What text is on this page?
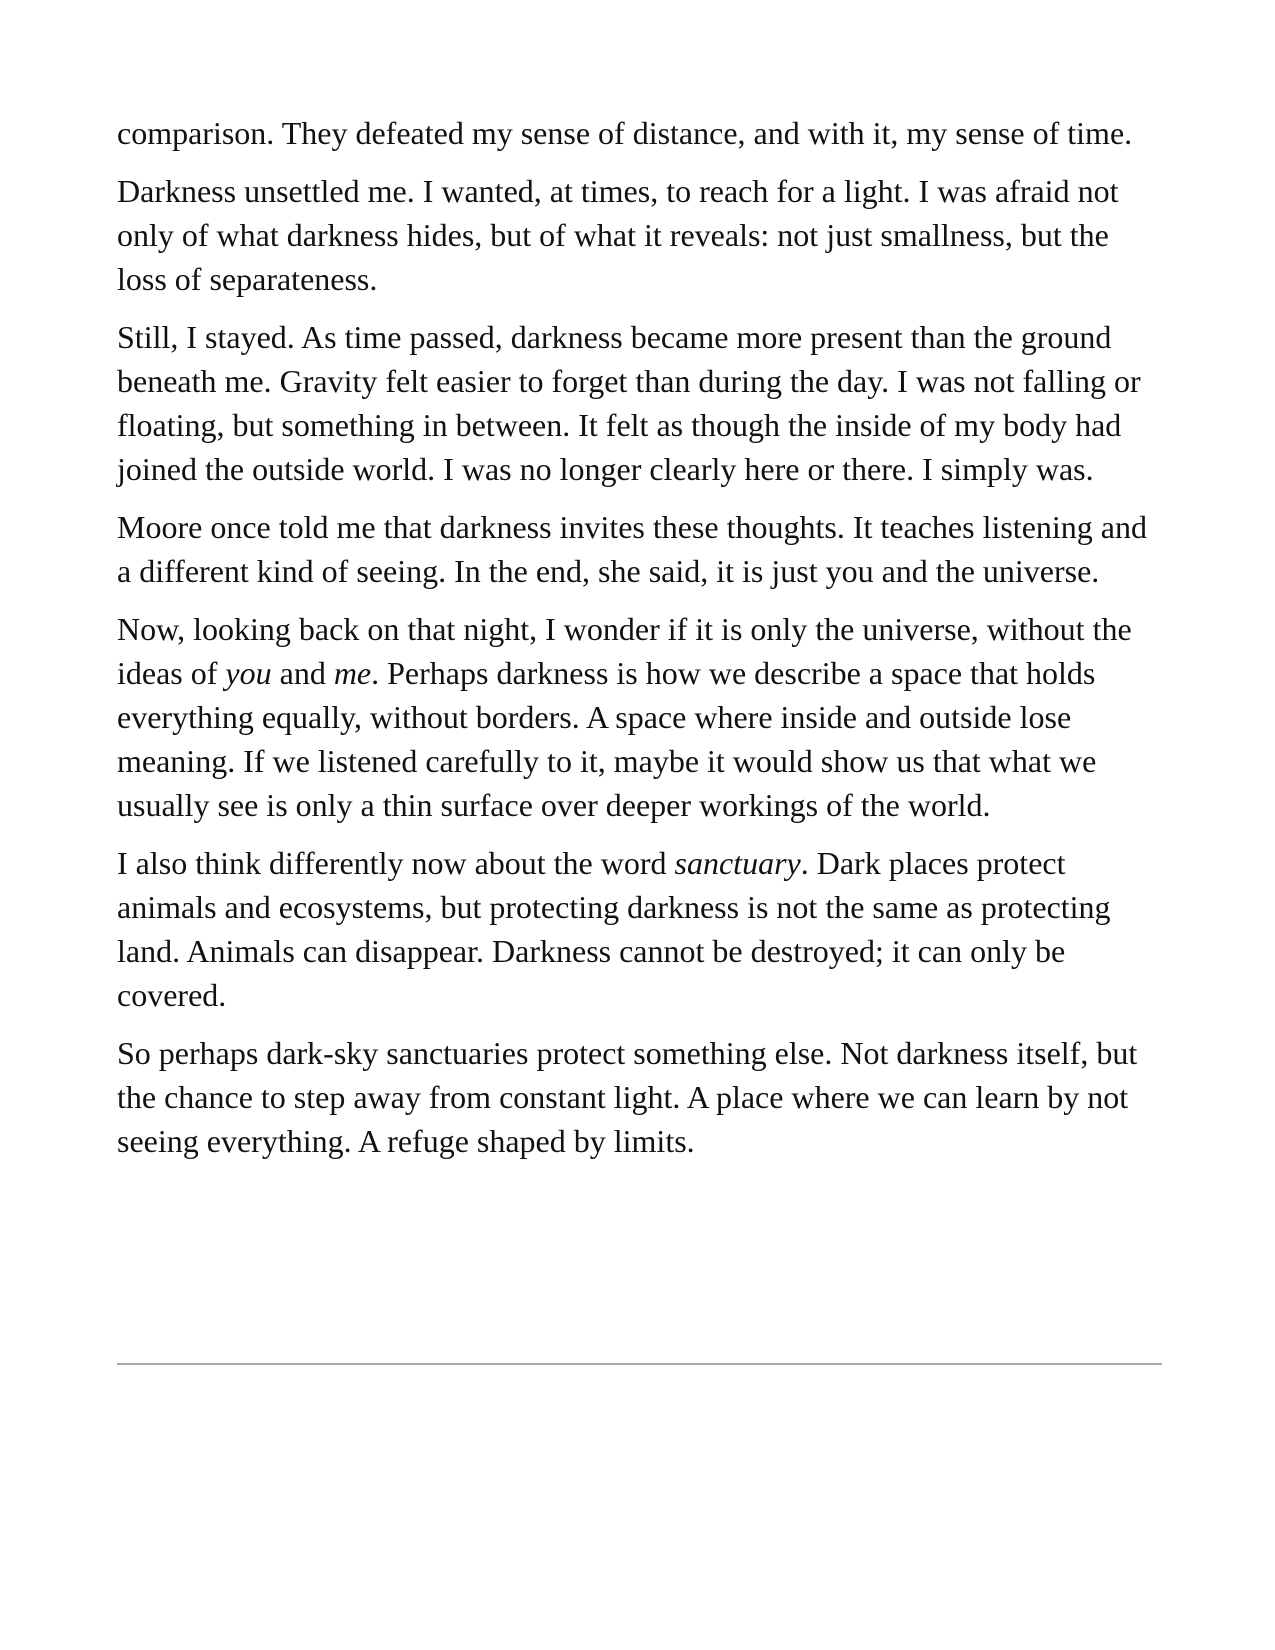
comparison. They defeated my sense of distance, and with it, my sense of time.

Darkness unsettled me. I wanted, at times, to reach for a light. I was afraid not only of what darkness hides, but of what it reveals: not just smallness, but the loss of separateness.

Still, I stayed. As time passed, darkness became more present than the ground beneath me. Gravity felt easier to forget than during the day. I was not falling or floating, but something in between. It felt as though the inside of my body had joined the outside world. I was no longer clearly here or there. I simply was.

Moore once told me that darkness invites these thoughts. It teaches listening and a different kind of seeing. In the end, she said, it is just you and the universe.

Now, looking back on that night, I wonder if it is only the universe, without the ideas of you and me. Perhaps darkness is how we describe a space that holds everything equally, without borders. A space where inside and outside lose meaning. If we listened carefully to it, maybe it would show us that what we usually see is only a thin surface over deeper workings of the world.

I also think differently now about the word sanctuary. Dark places protect animals and ecosystems, but protecting darkness is not the same as protecting land. Animals can disappear. Darkness cannot be destroyed; it can only be covered.

So perhaps dark-sky sanctuaries protect something else. Not darkness itself, but the chance to step away from constant light. A place where we can learn by not seeing everything. A refuge shaped by limits.
